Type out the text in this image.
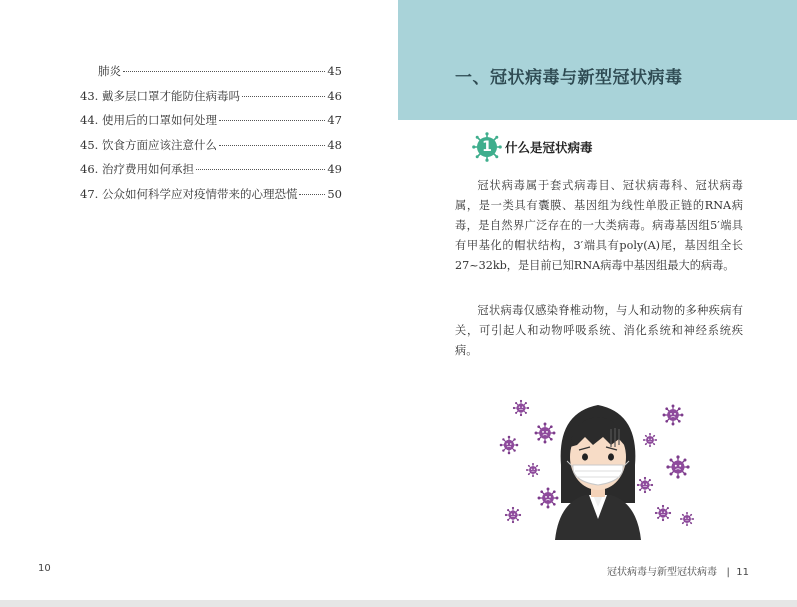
肺炎	45
43. 戴多层口罩才能防住病毒吗	46
44. 使用后的口罩如何处理	47
45. 饮食方面应该注意什么	48
46. 治疗费用如何承担	49
47. 公众如何科学应对疫情带来的心理恐慌	50
10
一、冠状病毒与新型冠状病毒
1	什么是冠状病毒

冠状病毒属于套式病毒目、冠状病毒科、冠状病毒属，是一类具有囊膜、基因组为线性单股正链的RNA病毒，是自然界广泛存在的一大类病毒。病毒基因组5′端具有甲基化的帽状结构，3′端具有poly(A)尾，基因组全长27~32kb，是目前已知RNA病毒中基因组最大的病毒。

冠状病毒仅感染脊椎动物，与人和动物的多种疾病有关，可引起人和动物呼吸系统、消化系统和神经系统疾病。

冠状病毒与新型冠状病毒   |  11
